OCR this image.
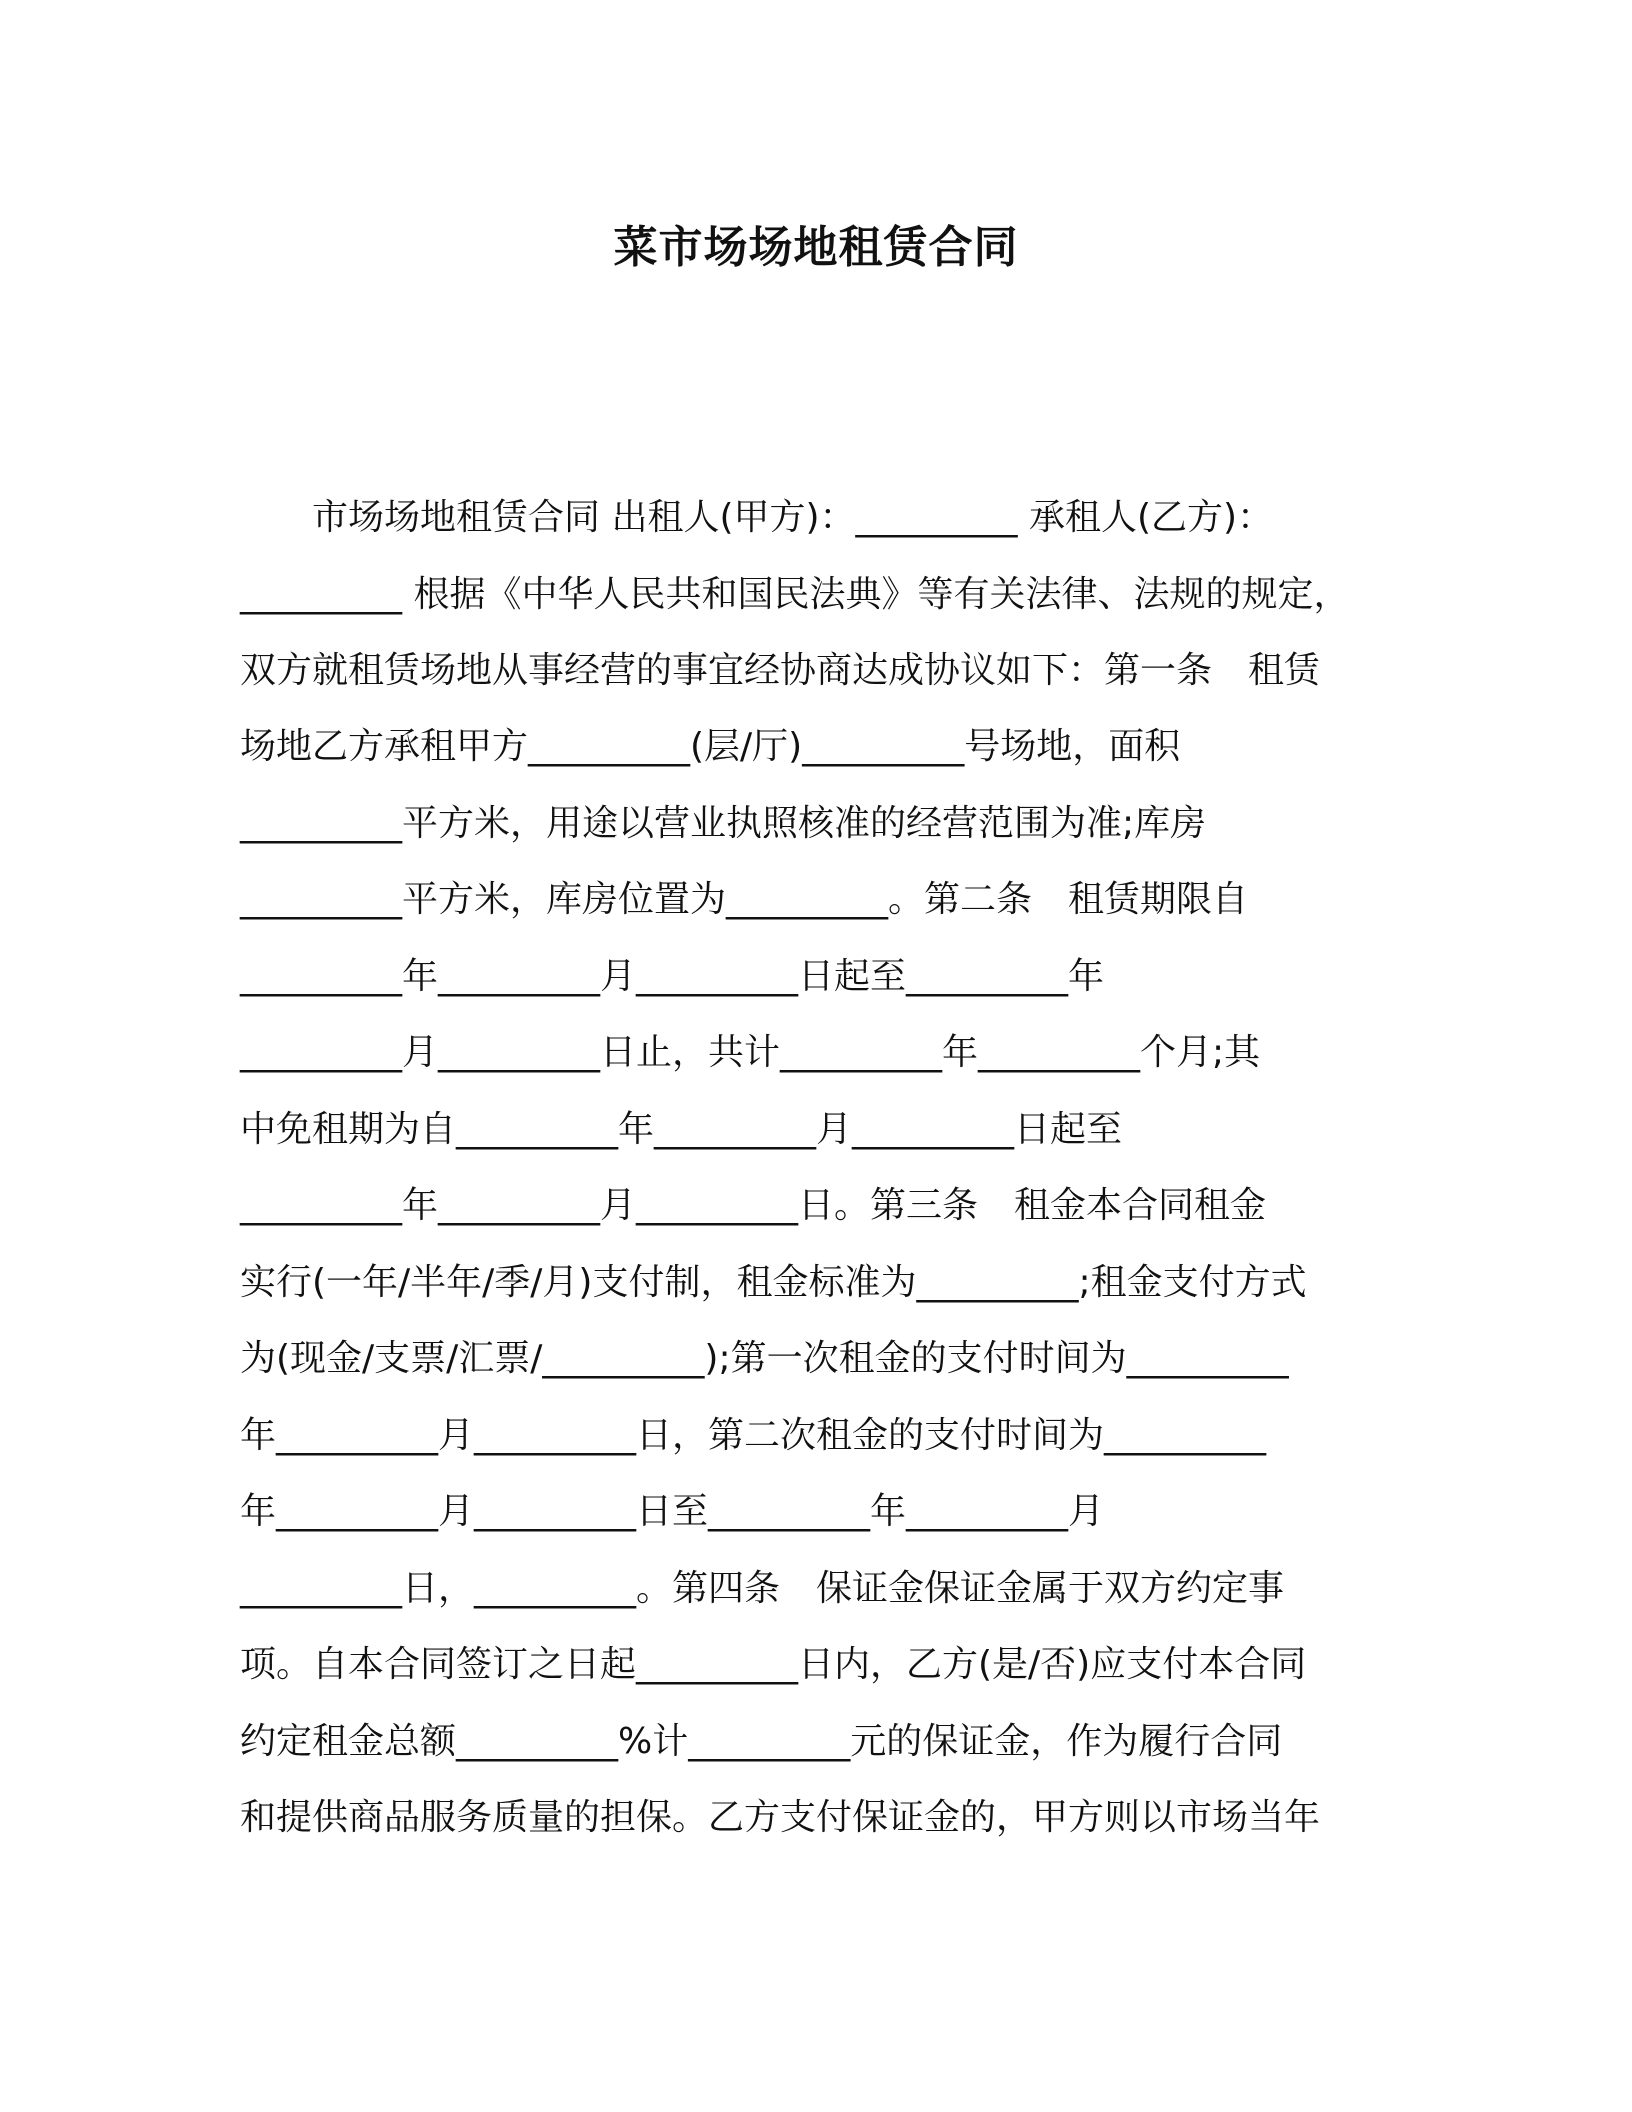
菜市场场地租赁合同

　　市场场地租赁合同 出租人(甲方)：_________ 承租人(乙方)：

_________ 根据《中华人民共和国民法典》等有关法律、法规的规定，

双方就租赁场地从事经营的事宜经协商达成协议如下：第一条　租赁

场地乙方承租甲方_________(层/厅)_________号场地，面积

_________平方米，用途以营业执照核准的经营范围为准;库房

_________平方米，库房位置为_________。第二条　租赁期限自

_________年_________月_________日起至_________年

_________月_________日止，共计_________年_________个月;其

中免租期为自_________年_________月_________日起至

_________年_________月_________日。第三条　租金本合同租金

实行(一年/半年/季/月)支付制，租金标准为_________;租金支付方式

为(现金/支票/汇票/_________);第一次租金的支付时间为_________

年_________月_________日，第二次租金的支付时间为_________

年_________月_________日至_________年_________月

_________日，_________。第四条　保证金保证金属于双方约定事

项。自本合同签订之日起_________日内，乙方(是/否)应支付本合同

约定租金总额_________%计_________元的保证金，作为履行合同

和提供商品服务质量的担保。乙方支付保证金的，甲方则以市场当年
